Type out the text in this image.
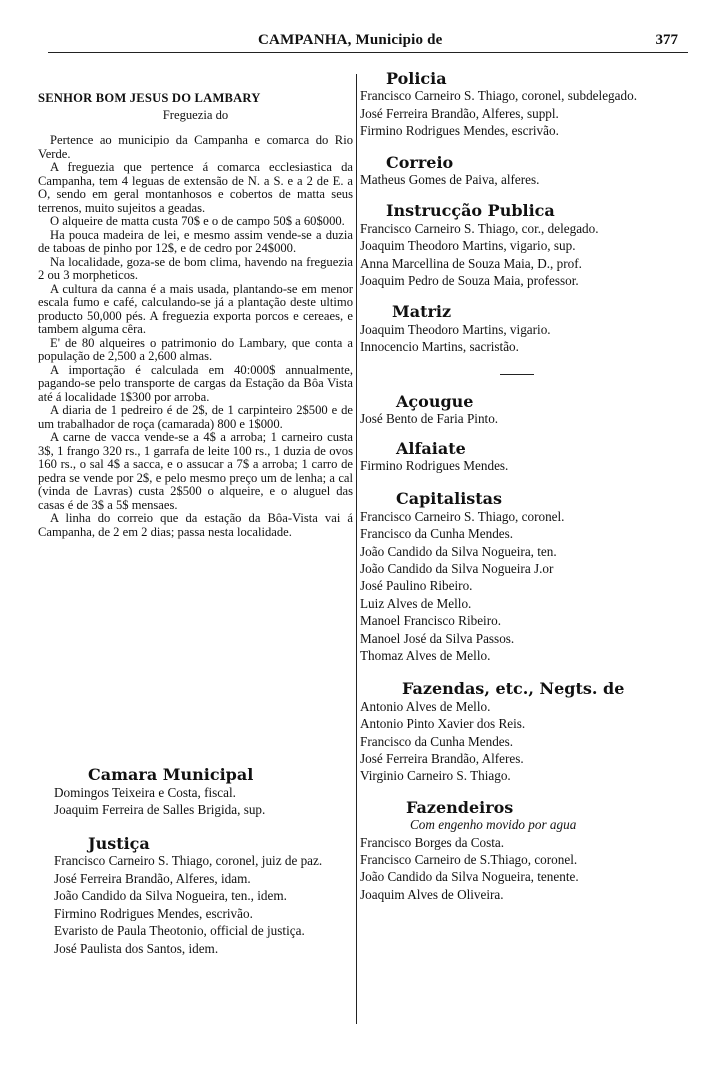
CAMPANHA, Municipio de	377
SENHOR BOM JESUS DO LAMBARY
Freguezia do

Pertence ao municipio da Campanha e comarca do Rio Verde.

A freguezia que pertence á comarca ecclesiastica da Campanha, tem 4 leguas de extensão de N. a S. e a 2 de E. a O, sendo em geral montanhosos e cobertos de matta seus terrenos, muito sujeitos a geadas.

O alqueire de matta custa 70$ e o de campo 50$ a 60$000.

Ha pouca madeira de lei, e mesmo assim vende-se a duzia de taboas de pinho por 12$, e de cedro por 24$000.

Na localidade, goza-se de bom clima, havendo na freguezia 2 ou 3 morpheticos.

A cultura da canna é a mais usada, plantando-se em menor escala fumo e café, calculando-se já a plantação deste ultimo producto 50,000 pés. A freguezia exporta porcos e cereaes, e tambem alguma cêra.

E' de 80 alqueires o patrimonio do Lambary, que conta a população de 2,500 a 2,600 almas.

A importação é calculada em 40:000$ annualmente, pagando-se pelo transporte de cargas da Estação da Bôa Vista até á localidade 1$300 por arroba.

A diaria de 1 pedreiro é de 2$, de 1 carpinteiro 2$500 e de um trabalhador de roça (camarada) 800 e 1$000.

A carne de vacca vende-se a 4$ a arroba; 1 carneiro custa 3$, 1 frango 320 rs., 1 garrafa de leite 100 rs., 1 duzia de ovos 160 rs., o sal 4$ a sacca, e o assucar a 7$ a arroba; 1 carro de pedra se vende por 2$, e pelo mesmo preço um de lenha; a cal (vinda de Lavras) custa 2$500 o alqueire, e o aluguel das casas é de 3$ a 5$ mensaes.

A linha do correio que da estação da Bôa-Vista vai á Campanha, de 2 em 2 dias; passa nesta localidade.

Camara Municipal
Domingos Teixeira e Costa, fiscal.
Joaquim Ferreira de Salles Brigida, sup.
Justiça
Francisco Carneiro S. Thiago, coronel, juiz de paz.
José Ferreira Brandão, Alferes, idam.
João Candido da Silva Nogueira, ten., idem.
Firmino Rodrigues Mendes, escrivão.
Evaristo de Paula Theotonio, official de justiça.
José Paulista dos Santos, idem.
Policia
Francisco Carneiro S. Thiago, coronel, subdelegado.
José Ferreira Brandão, Alferes, suppl.
Firmino Rodrigues Mendes, escrivão.
Correio
Matheus Gomes de Paiva, alferes.
Instrucção Publica
Francisco Carneiro S. Thiago, cor., delegado.
Joaquim Theodoro Martins, vigario, sup.
Anna Marcellina de Souza Maia, D., prof.
Joaquim Pedro de Souza Maia, professor.
Matriz
Joaquim Theodoro Martins, vigario.
Innocencio Martins, sacristão.
Açougue
José Bento de Faria Pinto.
Alfaiate
Firmino Rodrigues Mendes.
Capitalistas
Francisco Carneiro S. Thiago, coronel.
Francisco da Cunha Mendes.
João Candido da Silva Nogueira, ten.
João Candido da Silva Nogueira J.or
José Paulino Ribeiro.
Luiz Alves de Mello.
Manoel Francisco Ribeiro.
Manoel José da Silva Passos.
Thomaz Alves de Mello.
Fazendas, etc., Negts. de
Antonio Alves de Mello.
Antonio Pinto Xavier dos Reis.
Francisco da Cunha Mendes.
José Ferreira Brandão, Alferes.
Virginio Carneiro S. Thiago.
Fazendeiros
Com engenho movido por agua
Francisco Borges da Costa.
Francisco Carneiro de S.Thiago, coronel.
João Candido da Silva Nogueira, tenente.
Joaquim Alves de Oliveira.
